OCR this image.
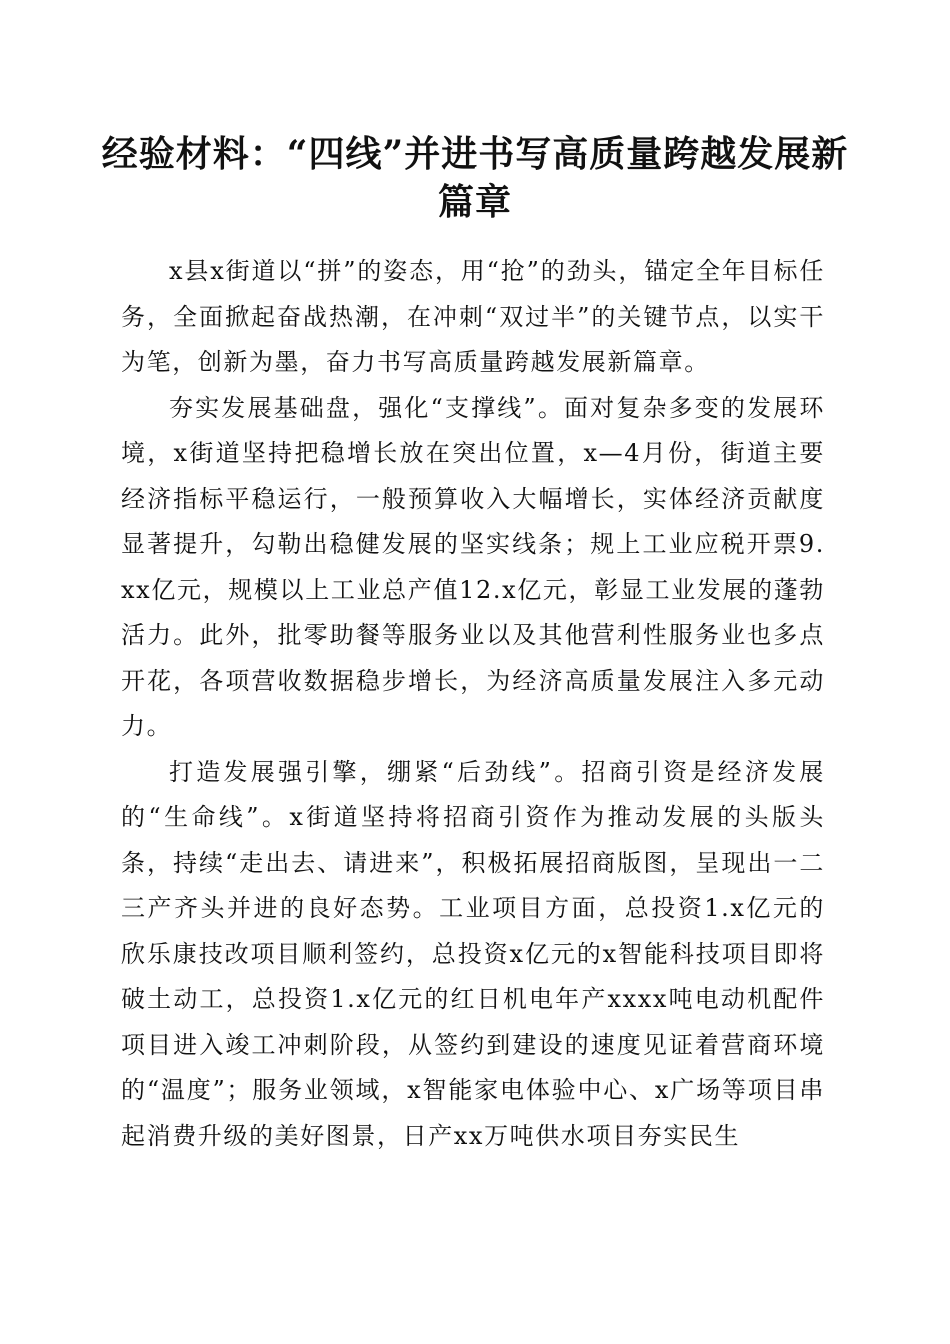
经验材料：“四线”并进书写高质量跨越发展新篇章

x县x街道以“拼”的姿态，用“抢”的劲头，锚定全年目标任务，全面掀起奋战热潮，在冲刺“双过半”的关键节点，以实干为笔，创新为墨，奋力书写高质量跨越发展新篇章。

夯实发展基础盘，强化“支撑线”。面对复杂多变的发展环境，x街道坚持把稳增长放在突出位置，x—4月份，街道主要经济指标平稳运行，一般预算收入大幅增长，实体经济贡献度显著提升，勾勒出稳健发展的坚实线条；规上工业应税开票9.xx亿元，规模以上工业总产值12.x亿元，彰显工业发展的蓬勃活力。此外，批零助餐等服务业以及其他营利性服务业也多点开花，各项营收数据稳步增长，为经济高质量发展注入多元动力。

打造发展强引擎，绷紧“后劲线”。招商引资是经济发展的“生命线”。x街道坚持将招商引资作为推动发展的头版头条，持续“走出去、请进来”，积极拓展招商版图，呈现出一二三产齐头并进的良好态势。工业项目方面，总投资1.x亿元的欣乐康技改项目顺利签约，总投资x亿元的x智能科技项目即将破土动工，总投资1.x亿元的红日机电年产xxxx吨电动机配件项目进入竣工冲刺阶段，从签约到建设的速度见证着营商环境的“温度”；服务业领域，x智能家电体验中心、x广场等项目串起消费升级的美好图景，日产xx万吨供水项目夯实民生
